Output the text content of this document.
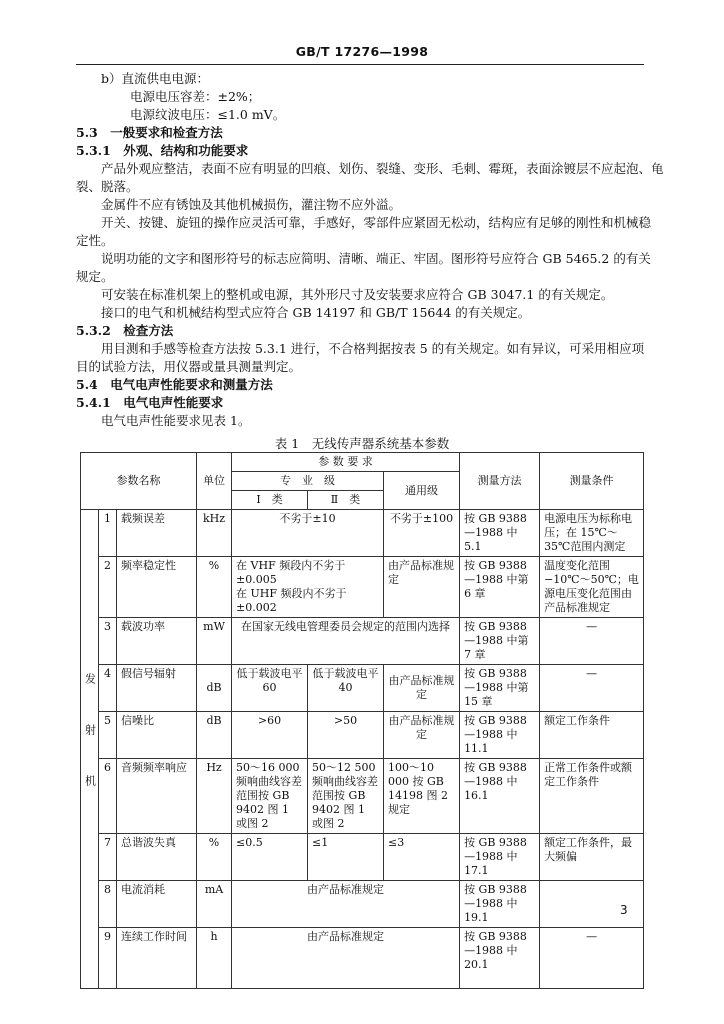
GB/T 17276—1998
b）直流供电电源：
电源电压容差：±2%；
电源纹波电压：≤1.0 mV。
5.3　一般要求和检查方法
5.3.1　外观、结构和功能要求
产品外观应整洁，表面不应有明显的凹痕、划伤、裂缝、变形、毛刺、霉斑，表面涂镀层不应起泡、龟
裂、脱落。
金属件不应有锈蚀及其他机械损伤，灌注物不应外溢。
开关、按键、旋钮的操作应灵活可靠，手感好，零部件应紧固无松动，结构应有足够的刚性和机械稳
定性。
说明功能的文字和图形符号的标志应简明、清晰、端正、牢固。图形符号应符合 GB 5465.2 的有关
规定。
可安装在标准机架上的整机或电源，其外形尺寸及安装要求应符合 GB 3047.1 的有关规定。
接口的电气和机械结构型式应符合 GB 14197 和 GB/T 15644 的有关规定。
5.3.2　检查方法
用目测和手感等检查方法按 5.3.1 进行，不合格判据按表 5 的有关规定。如有异议，可采用相应项
目的试验方法，用仪器或量具测量判定。
5.4　电气电声性能要求和测量方法
5.4.1　电气电声性能要求
电气电声性能要求见表 1。
表 1　无线传声器系统基本参数
参数名称			单位	参 数 要 求			测量方法	测量条件
				专　业　级		通用级		
				Ⅰ　类	Ⅱ　类			
发射机	1	载频误差	kHz	不劣于±10		不劣于±100	按 GB 9388—1988 中 5.1	电源电压为标称电压；在 15℃～35℃范围内测定
	2	频率稳定性	%	在 VHF 频段内不劣于±0.005
在 UHF 频段内不劣于±0.002		由产品标准规定	按 GB 9388—1988 中第 6 章	温度变化范围 −10℃～50℃；电源电压变化范围由产品标准规定
	3	载波功率	mW	在国家无线电管理委员会规定的范围内选择			按 GB 9388—1988 中第 7 章	—
	4	假信号辐射	dB	低于载波电平 60	低于载波电平 40	由产品标准规定	按 GB 9388—1988 中第 15 章	—
	5	信噪比	dB	>60	>50	由产品标准规定	按 GB 9388—1988 中 11.1	额定工作条件
	6	音频频率响应	Hz	50～16 000 频响曲线容差范围按 GB 9402 图 1 或图 2	50～12 500 频响曲线容差范围按 GB 9402 图 1 或图 2	100～10 000 按 GB 14198 图 2 规定	按 GB 9388—1988 中 16.1	正常工作条件或额定工作条件
	7	总谐波失真	%	≤0.5	≤1	≤3	按 GB 9388—1988 中 17.1	额定工作条件，最大频偏
	8	电流消耗	mA	由产品标准规定			按 GB 9388—1988 中 19.1	
	9	连续工作时间	h	由产品标准规定			按 GB 9388—1988 中 20.1	—
3
